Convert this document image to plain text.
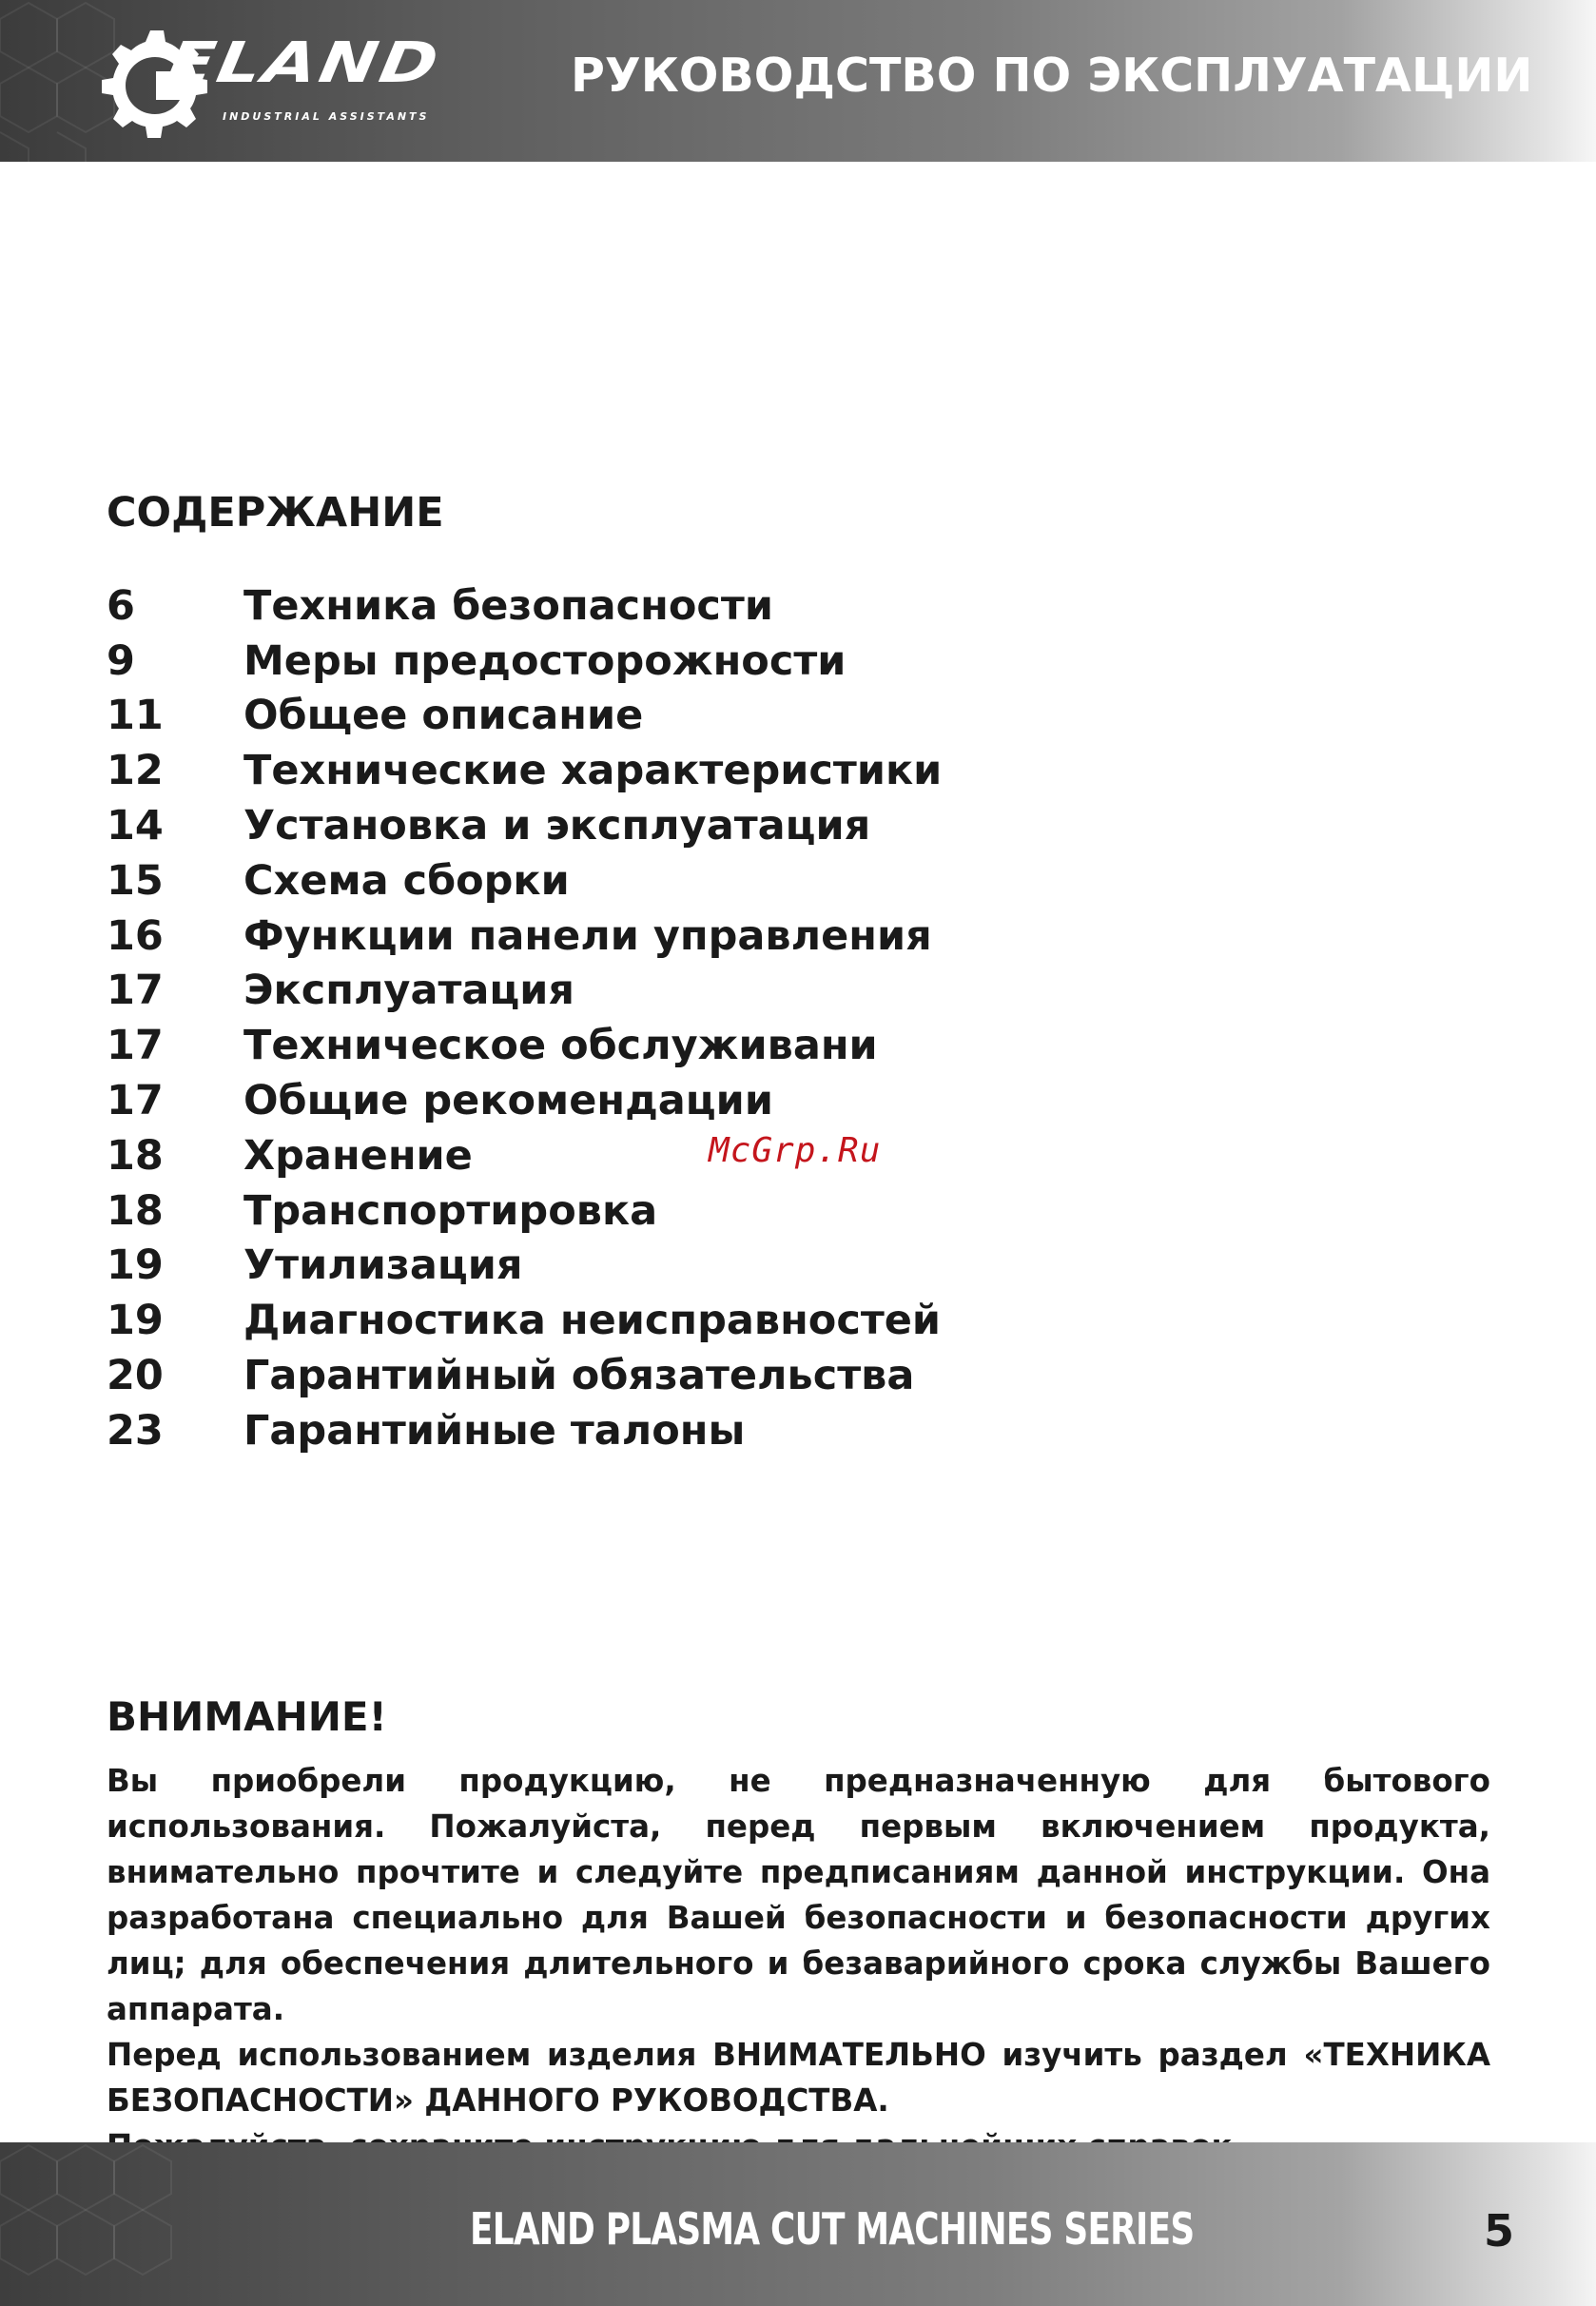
ELAND
INDUSTRIAL ASSISTANTS
РУКОВОДСТВО ПО ЭКСПЛУАТАЦИИ
СОДЕРЖАНИЕ
6	Техника безопасности
9	Меры предосторожности
11	Общее описание
12	Технические характеристики
14	Установка и эксплуатация
15	Схема сборки
16	Функции панели управления
17	Эксплуатация
17	Техническое обслуживани
17	Общие рекомендации
18	Хранение
18	Транспортировка
19	Утилизация
19	Диагностика неисправностей
20	Гарантийный обязательства
23	Гарантийные талоны
McGrp.Ru
ВНИМАНИЕ!

Вы приобрели продукцию, не предназначенную для бытового использования. Пожалуйста, перед первым включением продукта, внимательно прочтите и следуйте предписаниям данной инструкции. Она разработана специально для Вашей безопасности и безопасности других лиц; для обеспечения длительного и безаварийного срока службы Вашего аппарата.

Перед использованием изделия ВНИМАТЕЛЬНО изучить раздел «ТЕХНИКА БЕЗОПАСНОСТИ» ДАННОГО РУКОВОДСТВА.

ELAND PLASMA CUT MACHINES SERIES	5
